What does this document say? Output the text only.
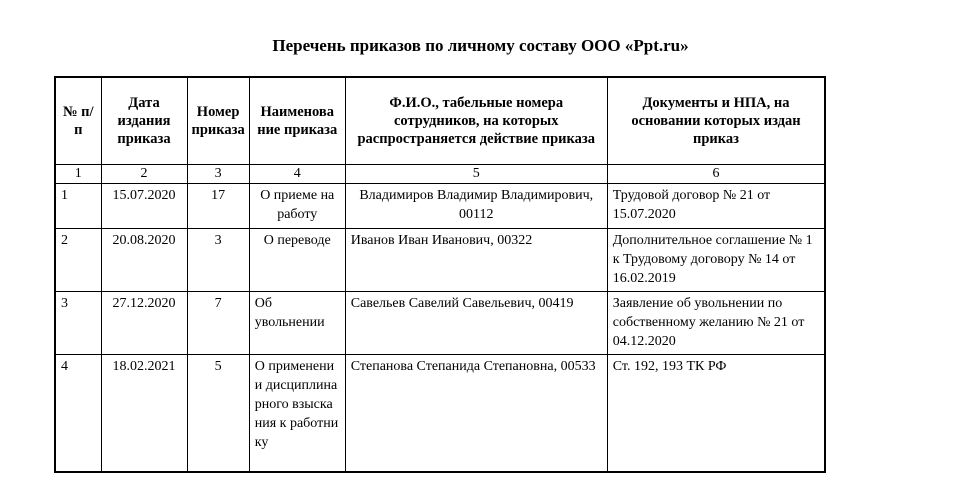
Перечень приказов по личному составу ООО «Ppt.ru»
№ п/п	Дата издания приказа	Номер приказа	Наименова ние приказа	Ф.И.О., табельные номера сотрудников, на которых распространяется действие приказа	Документы и НПА, на основании которых издан приказ
1	2	3	4	5	6
1	15.07.2020	17	О приеме на работу	Владимиров Владимир Владимирович, 00112	Трудовой договор № 21 от 15.07.2020
2	20.08.2020	3	О переводе	Иванов Иван Иванович, 00322	Дополнительное соглашение № 1 к Трудовому договору № 14 от 16.02.2019
3	27.12.2020	7	Об увольнении	Савельев Савелий Савельевич, 00419	Заявление об увольнении по собственному желанию № 21 от 04.12.2020
4	18.02.2021	5	О применении дисциплинарного взыскания к работнику	Степанова Степанида Степановна, 00533	Ст. 192, 193 ТК РФ
